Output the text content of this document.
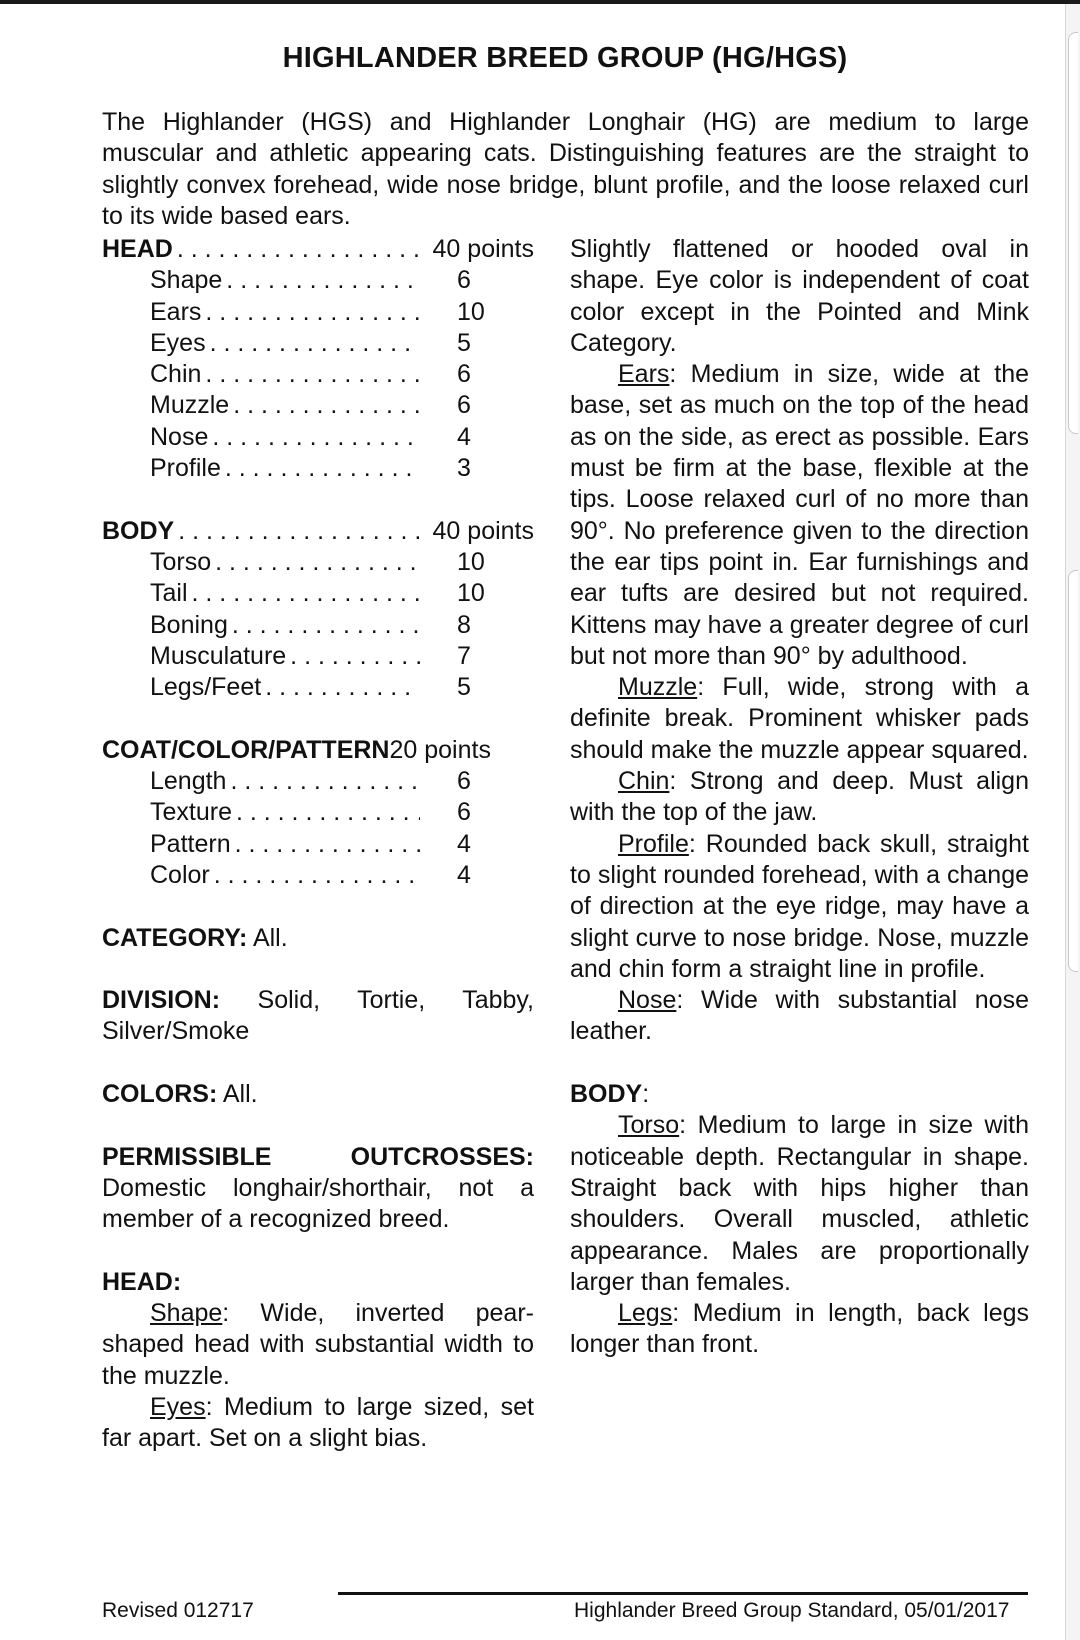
HIGHLANDER BREED GROUP (HG/HGS)
The Highlander (HGS) and Highlander Longhair (HG) are medium to large muscular and athletic appearing cats. Distinguishing features are the straight to slightly convex forehead, wide nose bridge, blunt profile, and the loose relaxed curl to its wide based ears.
HEAD . . .	40 points
Shape . . .	6
Ears . . .	10
Eyes . . .	5
Chin . . .	6
Muzzle . . .	6
Nose . . .	4
Profile . . .	3
BODY . . .	40 points
Torso . . .	10
Tail . . .	10
Boning . . .	8
Musculature . . .	7
Legs/Feet . . .	5
COAT/COLOR/PATTERN 20 points
Length . . .	6
Texture . . .	6
Pattern . . .	4
Color . . .	4
CATEGORY: All.
DIVISION: Solid, Tortie, Tabby, Silver/Smoke
COLORS: All.
PERMISSIBLE OUTCROSSES: Domestic longhair/shorthair, not a member of a recognized breed.
HEAD:

Shape: Wide, inverted pear-shaped head with substantial width to the muzzle.

Eyes: Medium to large sized, set far apart. Set on a slight bias.

Slightly flattened or hooded oval in shape. Eye color is independent of coat color except in the Pointed and Mink Category.

Ears: Medium in size, wide at the base, set as much on the top of the head as on the side, as erect as possible. Ears must be firm at the base, flexible at the tips. Loose relaxed curl of no more than 90°. No preference given to the direction the ear tips point in. Ear furnishings and ear tufts are desired but not required. Kittens may have a greater degree of curl but not more than 90° by adulthood.

Muzzle: Full, wide, strong with a definite break. Prominent whisker pads should make the muzzle appear squared.

Chin: Strong and deep. Must align with the top of the jaw.

Profile: Rounded back skull, straight to slight rounded forehead, with a change of direction at the eye ridge, may have a slight curve to nose bridge. Nose, muzzle and chin form a straight line in profile.

Nose: Wide with substantial nose leather.

BODY:

Torso: Medium to large in size with noticeable depth. Rectangular in shape. Straight back with hips higher than shoulders. Overall muscled, athletic appearance. Males are proportionally larger than females.

Legs: Medium in length, back legs longer than front.

Revised 012717	Highlander Breed Group Standard, 05/01/2017
